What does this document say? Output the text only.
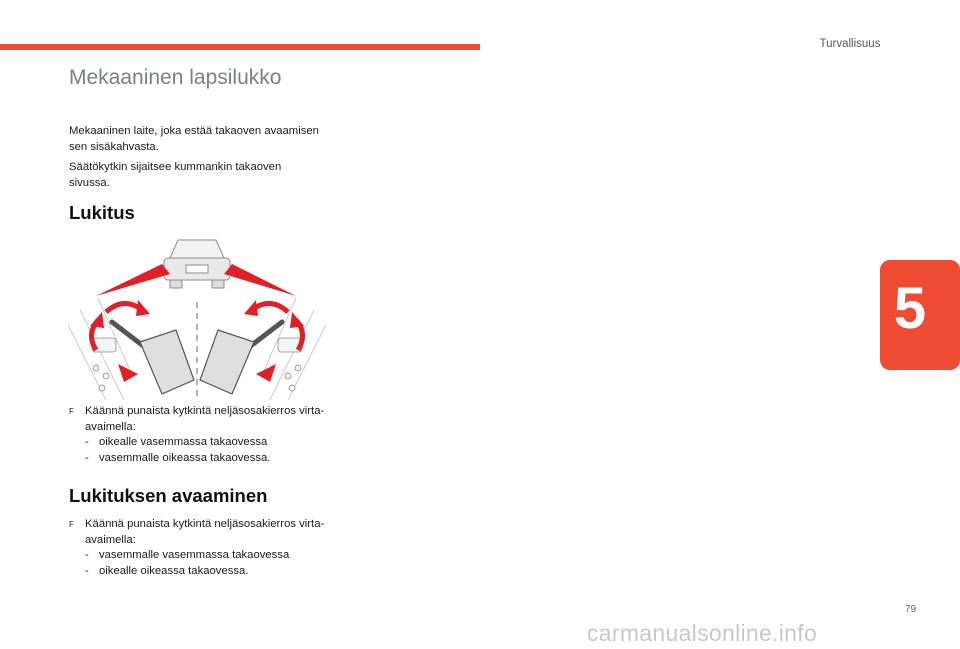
Turvallisuus
5
Mekaaninen lapsilukko
Mekaaninen laite, joka estää takaoven avaamisen sen sisäkahvasta.
Säätökytkin sijaitsee kummankin takaoven sivussa.
Lukitus
F Käännä punaista kytkintä neljäsosakierros virta-avaimella:
- oikealle vasemmassa takaovessa
- vasemmalle oikeassa takaovessa.
Lukituksen avaaminen
F Käännä punaista kytkintä neljäsosakierros virta-avaimella:
- vasemmalle vasemmassa takaovessa
- oikealle oikeassa takaovessa.
79
carmanualsonline.info
